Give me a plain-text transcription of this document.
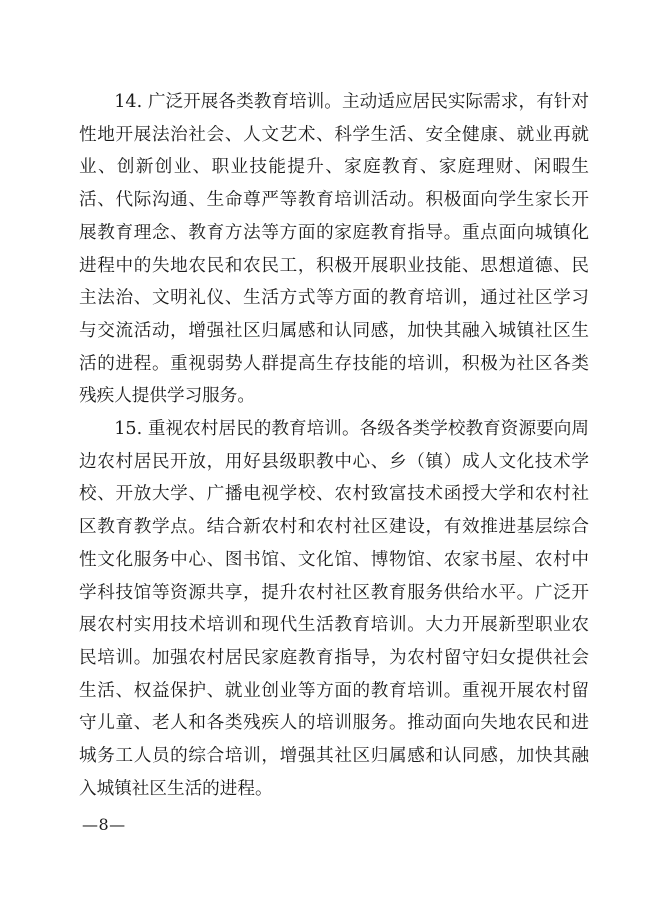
14. 广泛开展各类教育培训。主动适应居民实际需求，有针对性地开展法治社会、人文艺术、科学生活、安全健康、就业再就业、创新创业、职业技能提升、家庭教育、家庭理财、闲暇生活、代际沟通、生命尊严等教育培训活动。积极面向学生家长开展教育理念、教育方法等方面的家庭教育指导。重点面向城镇化进程中的失地农民和农民工，积极开展职业技能、思想道德、民主法治、文明礼仪、生活方式等方面的教育培训，通过社区学习与交流活动，增强社区归属感和认同感，加快其融入城镇社区生活的进程。重视弱势人群提高生存技能的培训，积极为社区各类残疾人提供学习服务。

15. 重视农村居民的教育培训。各级各类学校教育资源要向周边农村居民开放，用好县级职教中心、乡（镇）成人文化技术学校、开放大学、广播电视学校、农村致富技术函授大学和农村社区教育教学点。结合新农村和农村社区建设，有效推进基层综合性文化服务中心、图书馆、文化馆、博物馆、农家书屋、农村中学科技馆等资源共享，提升农村社区教育服务供给水平。广泛开展农村实用技术培训和现代生活教育培训。大力开展新型职业农民培训。加强农村居民家庭教育指导，为农村留守妇女提供社会生活、权益保护、就业创业等方面的教育培训。重视开展农村留守儿童、老人和各类残疾人的培训服务。推动面向失地农民和进城务工人员的综合培训，增强其社区归属感和认同感，加快其融入城镇社区生活的进程。

—8—
